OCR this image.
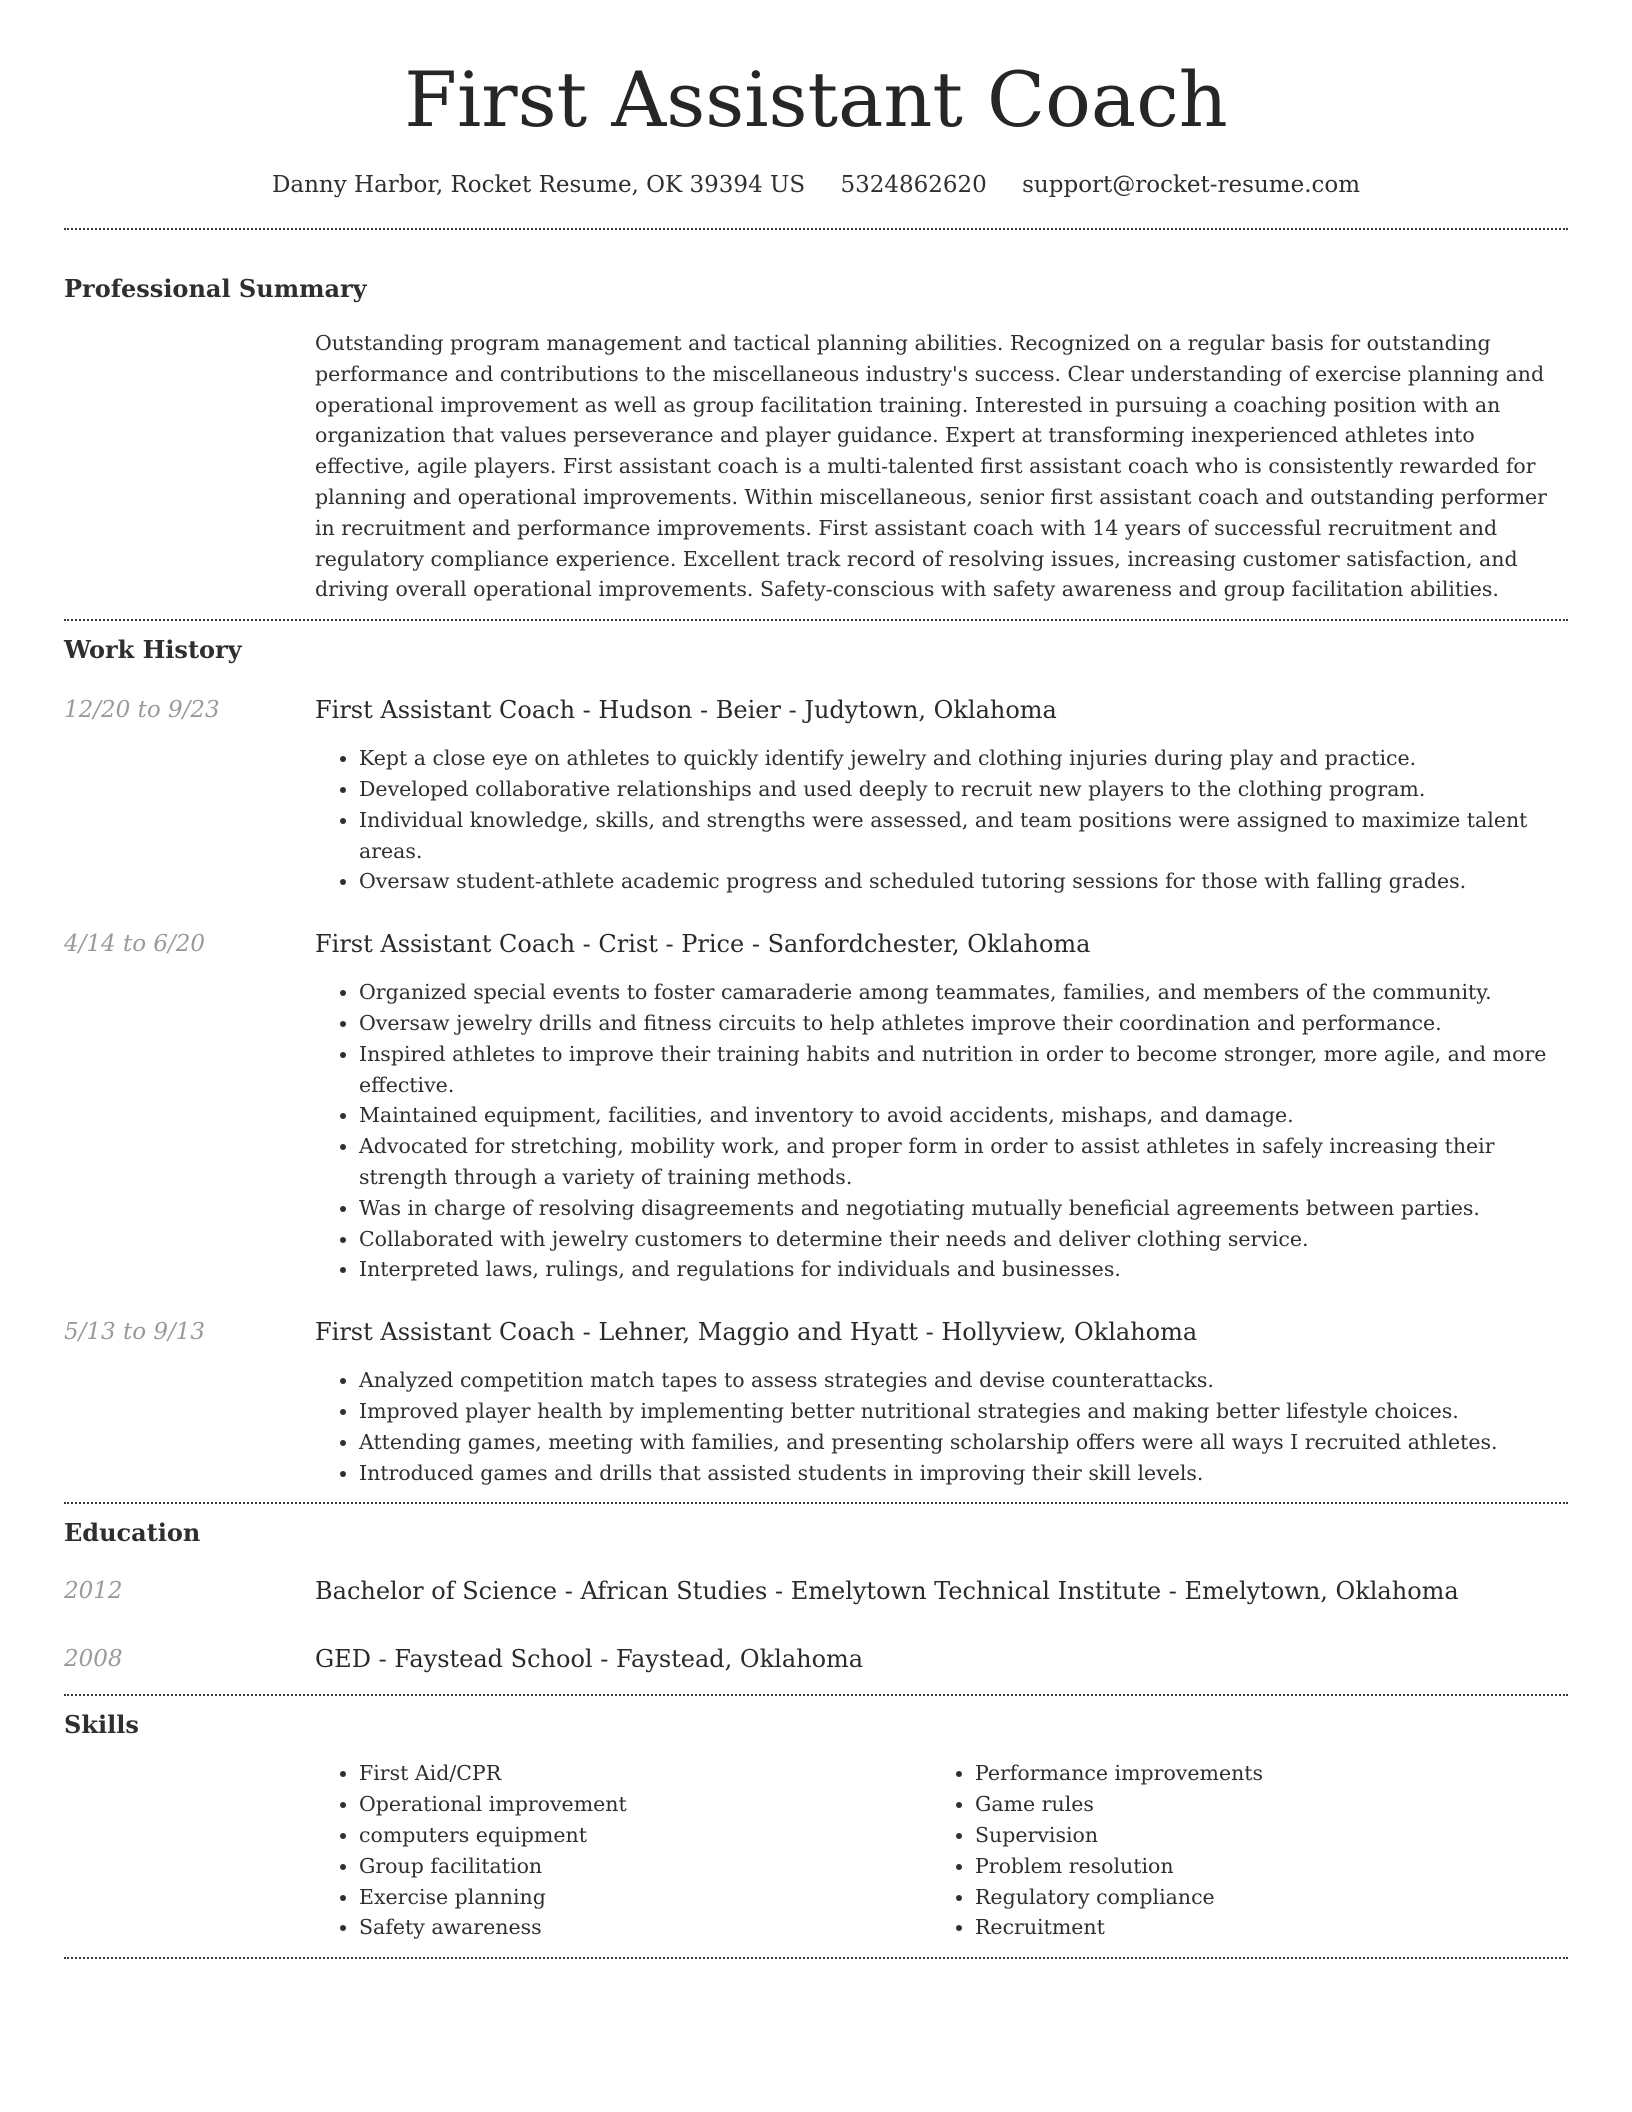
First Assistant Coach
Danny Harbor, Rocket Resume, OK 39394 US 5324862620 support@rocket-resume.com
Professional Summary
Outstanding program management and tactical planning abilities. Recognized on a regular basis for outstanding performance and contributions to the miscellaneous industry's success. Clear understanding of exercise planning and operational improvement as well as group facilitation training. Interested in pursuing a coaching position with an organization that values perseverance and player guidance. Expert at transforming inexperienced athletes into effective, agile players. First assistant coach is a multi-talented first assistant coach who is consistently rewarded for planning and operational improvements. Within miscellaneous, senior first assistant coach and outstanding performer in recruitment and performance improvements. First assistant coach with 14 years of successful recruitment and regulatory compliance experience. Excellent track record of resolving issues, increasing customer satisfaction, and driving overall operational improvements. Safety-conscious with safety awareness and group facilitation abilities.
Work History
12/20 to 9/23	First Assistant Coach - Hudson - Beier - Judytown, Oklahoma
• Kept a close eye on athletes to quickly identify jewelry and clothing injuries during play and practice.
• Developed collaborative relationships and used deeply to recruit new players to the clothing program.
• Individual knowledge, skills, and strengths were assessed, and team positions were assigned to maximize talent areas.
• Oversaw student-athlete academic progress and scheduled tutoring sessions for those with falling grades.
4/14 to 6/20	First Assistant Coach - Crist - Price - Sanfordchester, Oklahoma
• Organized special events to foster camaraderie among teammates, families, and members of the community.
• Oversaw jewelry drills and fitness circuits to help athletes improve their coordination and performance.
• Inspired athletes to improve their training habits and nutrition in order to become stronger, more agile, and more effective.
• Maintained equipment, facilities, and inventory to avoid accidents, mishaps, and damage.
• Advocated for stretching, mobility work, and proper form in order to assist athletes in safely increasing their strength through a variety of training methods.
• Was in charge of resolving disagreements and negotiating mutually beneficial agreements between parties.
• Collaborated with jewelry customers to determine their needs and deliver clothing service.
• Interpreted laws, rulings, and regulations for individuals and businesses.
5/13 to 9/13	First Assistant Coach - Lehner, Maggio and Hyatt - Hollyview, Oklahoma
• Analyzed competition match tapes to assess strategies and devise counterattacks.
• Improved player health by implementing better nutritional strategies and making better lifestyle choices.
• Attending games, meeting with families, and presenting scholarship offers were all ways I recruited athletes.
• Introduced games and drills that assisted students in improving their skill levels.
Education
2012	Bachelor of Science - African Studies - Emelytown Technical Institute - Emelytown, Oklahoma
2008	GED - Faystead School - Faystead, Oklahoma
Skills
• First Aid/CPR
• Operational improvement
• computers equipment
• Group facilitation
• Exercise planning
• Safety awareness
• Performance improvements
• Game rules
• Supervision
• Problem resolution
• Regulatory compliance
• Recruitment
